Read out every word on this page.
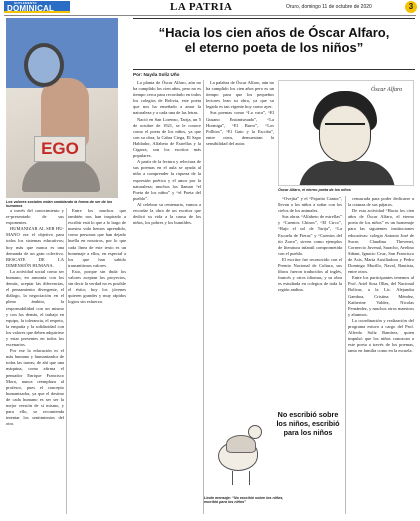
SUPLEMENTO
DOMINICAL	LA PATRIA	Oruro, domingo 11 de octubre de 2020	3
EGO
Los valores sociales están cambiando la forma de ser de los humanos

a través del conocimiento y re-presentado de sus exponentes.

HUMANIZAR AL SER HU-MANO era el objetivo para todos los sistemas educativos; hoy más que nunca es una demanda de un gran colectivo. RESCATE DE LA DIMENSIÓN HUMANA.

La actividad social como ser humano, en armonía con los demás, aceptar las diferencias, el pensamiento divergente, el diálogo, la negociación en el pleno ámbito, la responsabilidad con un mismo y con los demás, el trabajo en equipo, la tolerancia, el respeto, la empatía y la solidaridad con los valores que deben adquirirse y estar presentes en todos los escenarios.

Por ese la educación es el más humano y humanizador de todas las tareas; de ahí que una máquina, como afirma el pensador Enrique Francisco Mora, nunca reemplaza al profesor, pues el concepto humanizador, ya que el destino de cada humano es ser ser la mejor versión de sí mismo, y para ello, se recomienda intentar los sentimientos del otro.

Entre los muchos que también nos han inspirado a escribir está lo que a lo largo de nuestra vida hemos aprendido, como personas que han dejado huella en nosotros, por lo que cada línea de este texto es un homenaje a ellos, en especial a los que han sabido transmitirnos valores.

Esto, porque sin duda los valores aceptan los proyectos, sin decir la verdad no es posible el éxito; hoy los jóvenes quieren grandes y muy rápidos logros sin esfuerzo.

“Hacia los cien años de Óscar Alfaro,
el eterno poeta de los niños”
Por: Nayda Solíz Uño

La planta de Óscar Alfaro, aún no ha cumplido los cien años, pero no es tiempo cerca para recordarlo en todos los colegios de Bolivia, este poeta que nos ha enseñado a amar la naturaleza y a cada una de las letras.

Nació en San Lorenzo, Tarija, un 5 de octubre de 1921, se le conoce como el poeta de los niños, ya que con su obra, la Cabra Ciega, El Sapo Hablador, Alfabeto de Estrellas y la Cigarra, son los escritos más populares.

A partir de la lectura y relectura de sus poemas en el aula se ayuda al niño a comprender la riqueza de la expresión poética y el amor por la naturaleza; muchos los llaman “el Poeta de los niños” y “el Poeta del pueblo”.

Al celebrar su centenario, vamos a recordar la obra de un escritor que dedicó su vida a la causa de los niños, los pobres y los humildes.

La palabra de Óscar Alfaro, aún no ha cumplido los cien años pero es un tiempo para que los pequeños lectores lean su obra, ya que su legado es tan vigente hoy como ayer.

Sus poemas como “La vaca”, “El Gusano Ensimismado”, “La Hormiga”, “El Burro”, “Los Pollitos”, “El Gato y la Escoba”, entre otros, demuestran la sensibilidad del autor.

Óscar Alfaro
Óscar Alfaro, el eterno poeta de los niños

“Ovejita” y el “Pajarito Cantor”, llevan a los niños a soñar con los cielos de los animales.

Sus obras “Alfabeto de estrellas” y “Cuentos Chinos”, “El Circo”, “Bajo el sol de Tarija”, “La Escuela de Fieras” y “Cuentos del tío Zorro”, sirven como ejemplos de literatura infantil comprometida con el pueblo.

El escritor fue reconocido con el Premio Nacional de Cultura, sus libros fueron traducidos al inglés, francés y otros idiomas, y su obra es estudiada en colegios de toda la región andina.

censurada para poder dedicarse a la crianza de sus pájaros.

De esta actividad “Hacia los cien años de Óscar Alfaro, el eterno poeta de los niños” es un homenaje para las siguientes instituciones educativas: colegio Antonio José de Sucre, Claudina Thevenet, Cornercio Juvenal, Saracho, Avelino Siñani, Ignacio Cruz, San Francisco de Asís, María Auxiliadora y Pedro Domingo Murillo, Naval, Bautista, entre otros.

Entre los participantes tenemos al Prof. Ariel Sosa Ollas, del Nacional Bolívar, a la Lic. Alejandra Gamboa, Cristina Méndez, Katherine Valdez, Nicolas Fernández, y muchos otros maestros y alumnos.

La coordinación y realización del programa estuvo a cargo del Prof. Alfredo Solíz Ramírez, quien impulsó que los niños conozcan a este poeta a través de los poemas, tanto en familia como en la escuela.

Lindo mensaje: “No escribió sobre los niños, escribió para los niños”
No escribió sobre los niños, escribió para los niños
